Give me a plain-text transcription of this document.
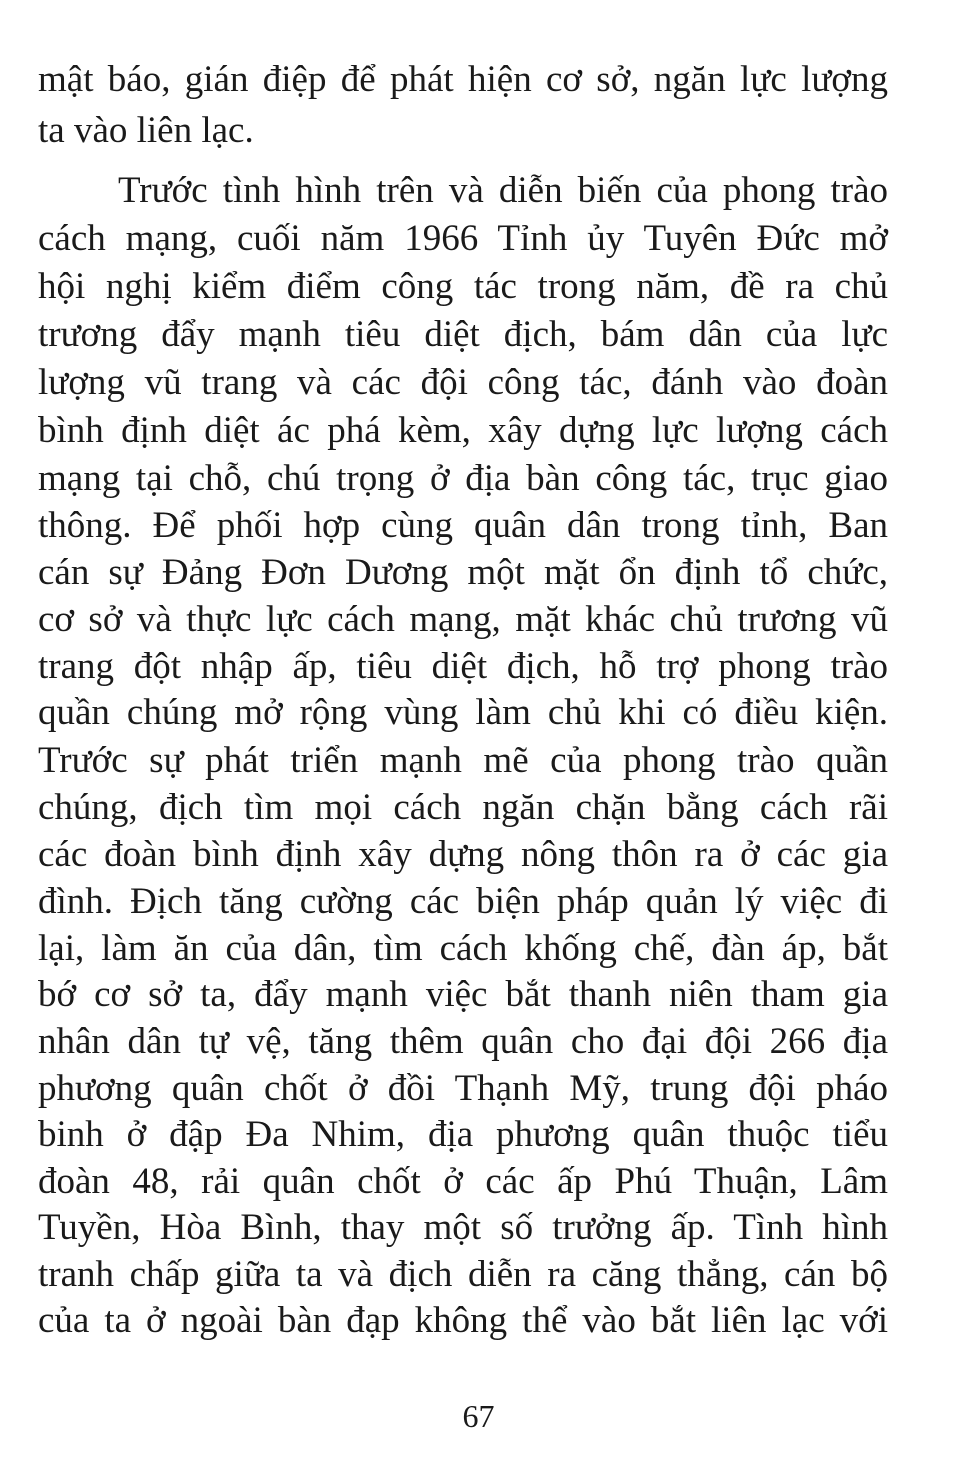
mật báo, gián điệp để phát hiện cơ sở, ngăn lực lượng
ta vào liên lạc.
Trước tình hình trên và diễn biến của phong trào
cách mạng, cuối năm 1966 Tỉnh ủy Tuyên Đức mở
hội nghị kiểm điểm công tác trong năm, đề ra chủ
trương đẩy mạnh tiêu diệt địch, bám dân của lực
lượng vũ trang và các đội công tác, đánh vào đoàn
bình định diệt ác phá kèm, xây dựng lực lượng cách
mạng tại chỗ, chú trọng ở địa bàn công tác, trục giao
thông. Để phối hợp cùng quân dân trong tỉnh, Ban
cán sự Đảng Đơn Dương một mặt ổn định tổ chức,
cơ sở và thực lực cách mạng, mặt khác chủ trương vũ
trang đột nhập ấp, tiêu diệt địch, hỗ trợ phong trào
quần chúng mở rộng vùng làm chủ khi có điều kiện.
Trước sự phát triển mạnh mẽ của phong trào quần
chúng, địch tìm mọi cách ngăn chặn bằng cách rãi
các đoàn bình định xây dựng nông thôn ra ở các gia
đình. Địch tăng cường các biện pháp quản lý việc đi
lại, làm ăn của dân, tìm cách khống chế, đàn áp, bắt
bớ cơ sở ta, đẩy mạnh việc bắt thanh niên tham gia
nhân dân tự vệ, tăng thêm quân cho đại đội 266 địa
phương quân chốt ở đồi Thạnh Mỹ, trung đội pháo
binh ở đập Đa Nhim, địa phương quân thuộc tiểu
đoàn 48, rải quân chốt ở các ấp Phú Thuận, Lâm
Tuyền, Hòa Bình, thay một số trưởng ấp. Tình hình
tranh chấp giữa ta và địch diễn ra căng thẳng, cán bộ
của ta ở ngoài bàn đạp không thể vào bắt liên lạc với
67
